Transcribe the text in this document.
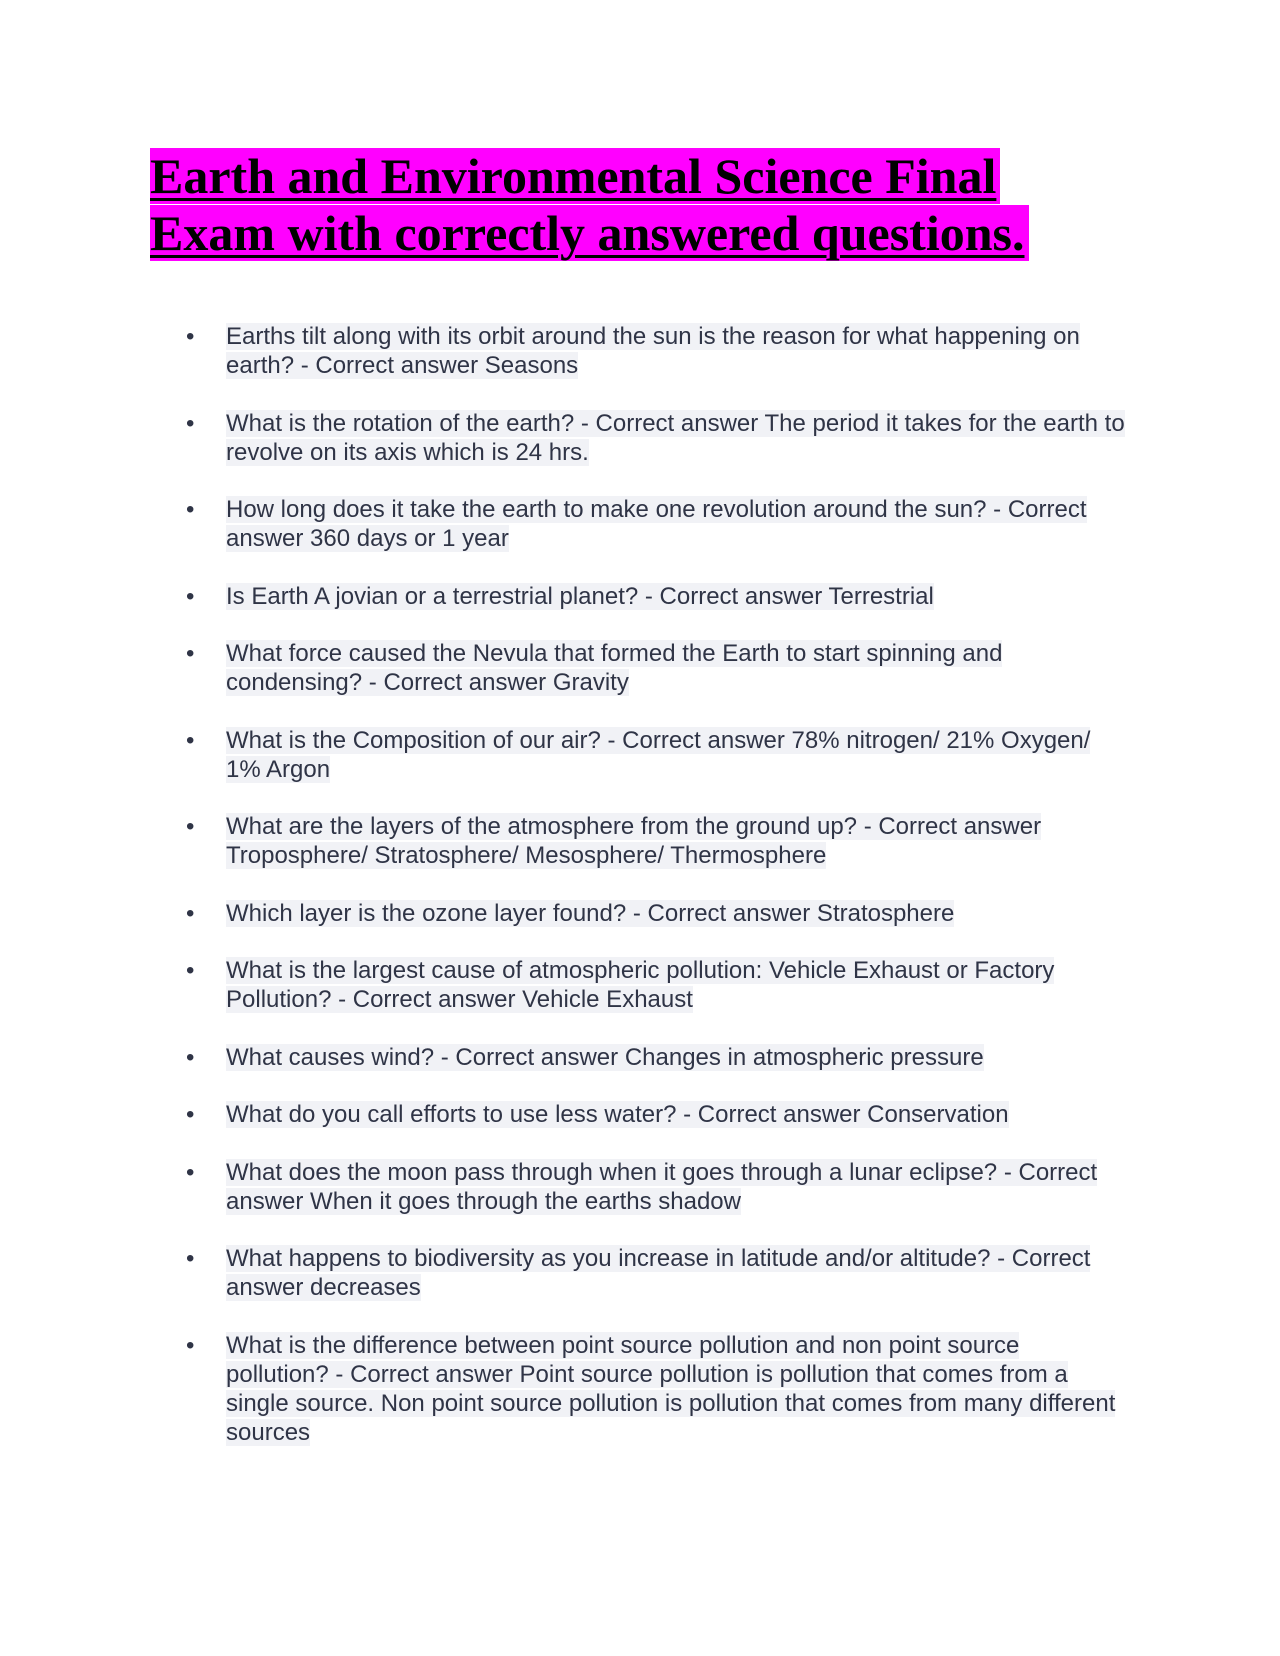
Earth and Environmental Science Final
Exam with correctly answered questions.
•	Earths tilt along with its orbit around the sun is the reason for what happening on earth? - Correct answer Seasons
•	What is the rotation of the earth? - Correct answer The period it takes for the earth to revolve on its axis which is 24 hrs.
•	How long does it take the earth to make one revolution around the sun? - Correct answer 360 days or 1 year
•	Is Earth A jovian or a terrestrial planet? - Correct answer Terrestrial
•	What force caused the Nevula that formed the Earth to start spinning and condensing? - Correct answer Gravity
•	What is the Composition of our air? - Correct answer 78% nitrogen/ 21% Oxygen/ 1% Argon
•	What are the layers of the atmosphere from the ground up? - Correct answer Troposphere/ Stratosphere/ Mesosphere/ Thermosphere
•	Which layer is the ozone layer found? - Correct answer Stratosphere
•	What is the largest cause of atmospheric pollution: Vehicle Exhaust or Factory Pollution? - Correct answer Vehicle Exhaust
•	What causes wind? - Correct answer Changes in atmospheric pressure
•	What do you call efforts to use less water? - Correct answer Conservation
•	What does the moon pass through when it goes through a lunar eclipse? - Correct answer When it goes through the earths shadow
•	What happens to biodiversity as you increase in latitude and/or altitude? - Correct answer decreases
•	What is the difference between point source pollution and non point source pollution? - Correct answer Point source pollution is pollution that comes from a single source. Non point source pollution is pollution that comes from many different sources
